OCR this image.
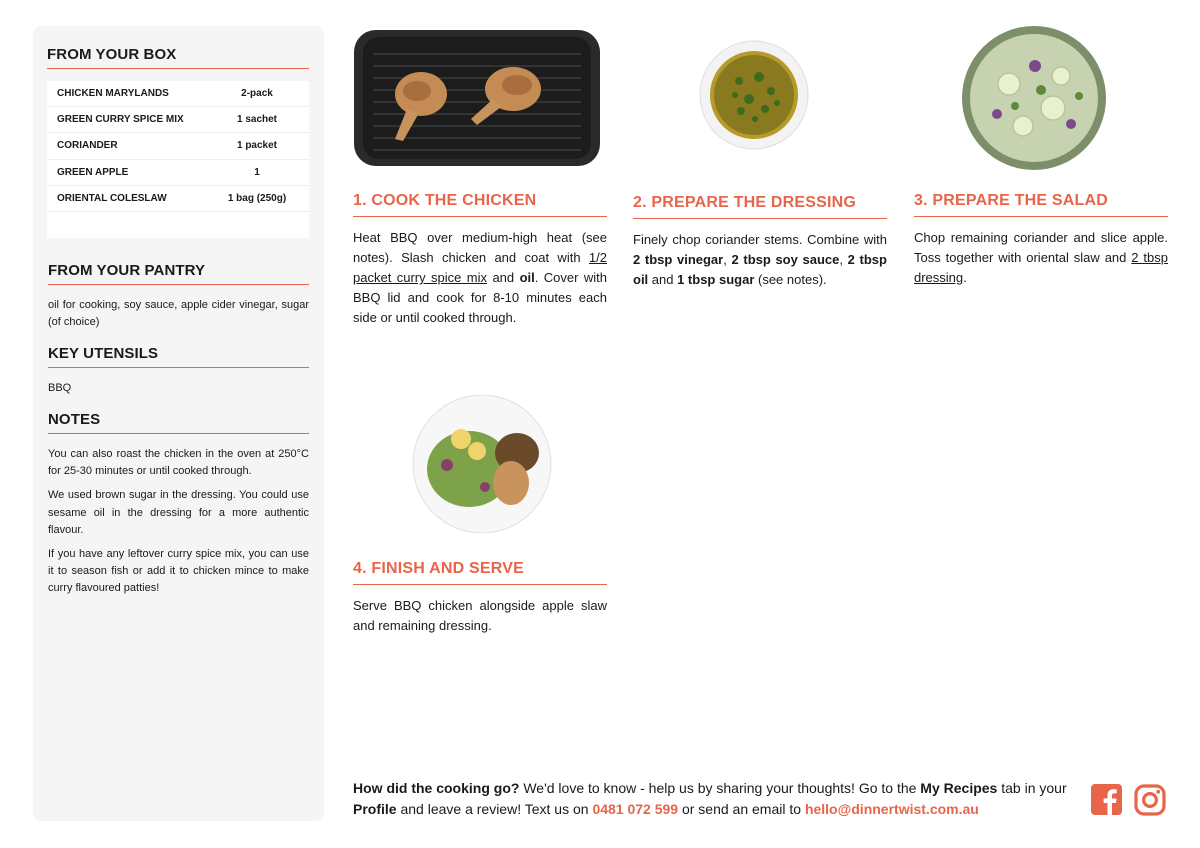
FROM YOUR BOX
CHICKEN MARYLANDS	2-pack
GREEN CURRY SPICE MIX	1 sachet
CORIANDER	1 packet
GREEN APPLE	1
ORIENTAL COLESLAW	1 bag (250g)
FROM YOUR PANTRY
oil for cooking, soy sauce, apple cider vinegar, sugar (of choice)
KEY UTENSILS
BBQ
NOTES

You can also roast the chicken in the oven at 250°C for 25-30 minutes or until cooked through.

We used brown sugar in the dressing. You could use sesame oil in the dressing for a more authentic flavour.

If you have any leftover curry spice mix, you can use it to season fish or add it to chicken mince to make curry flavoured patties!

1. COOK THE CHICKEN
Heat BBQ over medium-high heat (see notes). Slash chicken and coat with 1/2 packet curry spice mix and oil. Cover with BBQ lid and cook for 8-10 minutes each side or until cooked through.
2. PREPARE THE DRESSING
Finely chop coriander stems. Combine with 2 tbsp vinegar, 2 tbsp soy sauce, 2 tbsp oil and 1 tbsp sugar (see notes).
3. PREPARE THE SALAD
Chop remaining coriander and slice apple. Toss together with oriental slaw and 2 tbsp dressing.
4. FINISH AND SERVE
Serve BBQ chicken alongside apple slaw and remaining dressing.
How did the cooking go? We'd love to know - help us by sharing your thoughts! Go to the My Recipes tab in your Profile and leave a review! Text us on 0481 072 599 or send an email to hello@dinnertwist.com.au
